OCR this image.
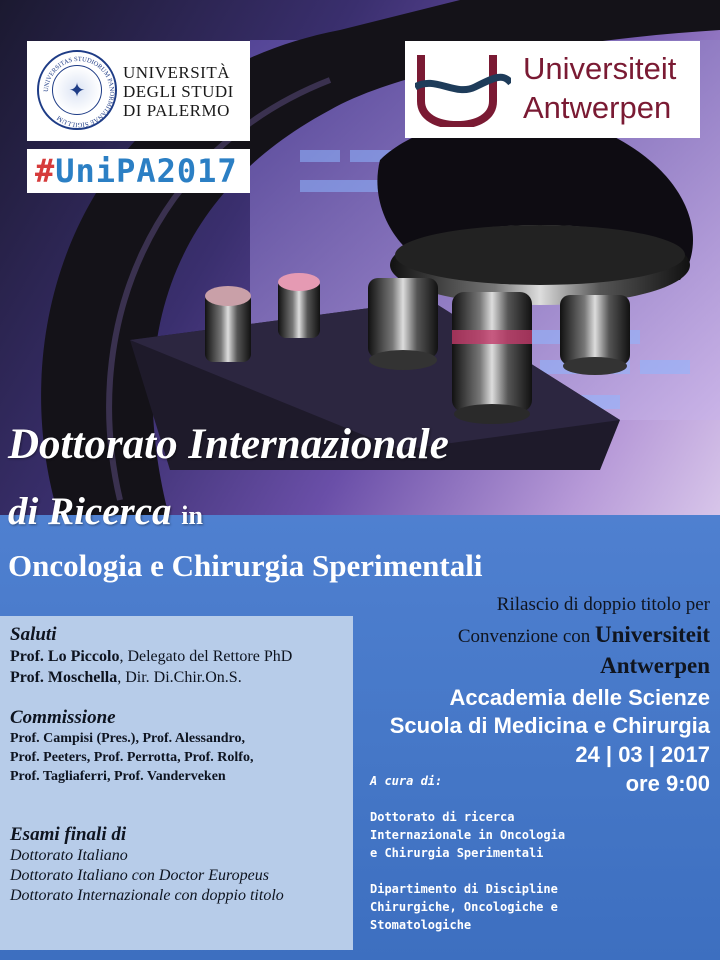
UNIVERSITAS STUDIORUM PANORMITANAE SIGILLUM
✦
UNIVERSITÀ
DEGLI STUDI
DI PALERMO
#UniPA2017
Universiteit
Antwerpen
Dottorato Internazionale
di Ricerca in
Oncologia e Chirurgia Sperimentali
Saluti
Prof. Lo Piccolo, Delegato del Rettore PhD
Prof. Moschella, Dir. Di.Chir.On.S.
Commissione
Prof. Campisi (Pres.), Prof. Alessandro,
Prof. Peeters, Prof. Perrotta, Prof. Rolfo,
Prof. Tagliaferri, Prof. Vanderveken
Esami finali di
Dottorato Italiano
Dottorato Italiano con Doctor Europeus
Dottorato Internazionale con doppio titolo
Rilascio di doppio titolo per
Convenzione con Universiteit
Antwerpen
Accademia delle Scienze
Scuola di Medicina e Chirurgia
24 | 03 | 2017
ore 9:00
A cura di:
Dottorato di ricerca
Internazionale in Oncologia
e Chirurgia Sperimentali
Dipartimento di Discipline
Chirurgiche, Oncologiche e
Stomatologiche
